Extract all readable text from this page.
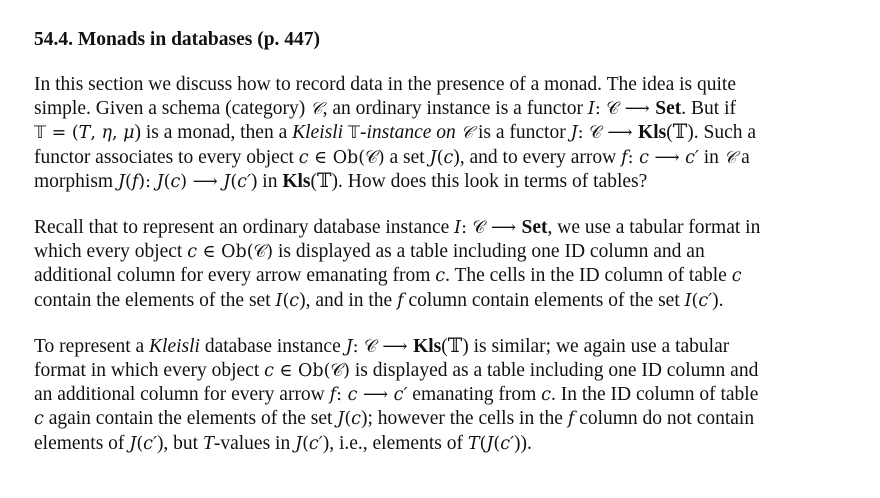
54.4. Monads in databases (p. 447)
In this section we discuss how to record data in the presence of a monad. The idea is quite
simple. Given a schema (category) 𝒞, an ordinary instance is a functor I: 𝒞 ⟶ Set. But if
𝕋 = (T, η, μ) is a monad, then a Kleisli 𝕋-instance on 𝒞 is a functor J: 𝒞 ⟶ Kls(𝕋). Such a
functor associates to every object c ∈ Ob(𝒞) a set J(c), and to every arrow f: c ⟶ c′ in 𝒞 a
morphism J(f): J(c) ⟶ J(c′) in Kls(𝕋). How does this look in terms of tables?
Recall that to represent an ordinary database instance I: 𝒞 ⟶ Set, we use a tabular format in
which every object c ∈ Ob(𝒞) is displayed as a table including one ID column and an
additional column for every arrow emanating from c. The cells in the ID column of table c
contain the elements of the set I(c), and in the f column contain elements of the set I(c′).
To represent a Kleisli database instance J: 𝒞 ⟶ Kls(𝕋) is similar; we again use a tabular
format in which every object c ∈ Ob(𝒞) is displayed as a table including one ID column and
an additional column for every arrow f: c ⟶ c′ emanating from c. In the ID column of table
c again contain the elements of the set J(c); however the cells in the f column do not contain
elements of J(c′), but T-values in J(c′), i.e., elements of T(J(c′)).
